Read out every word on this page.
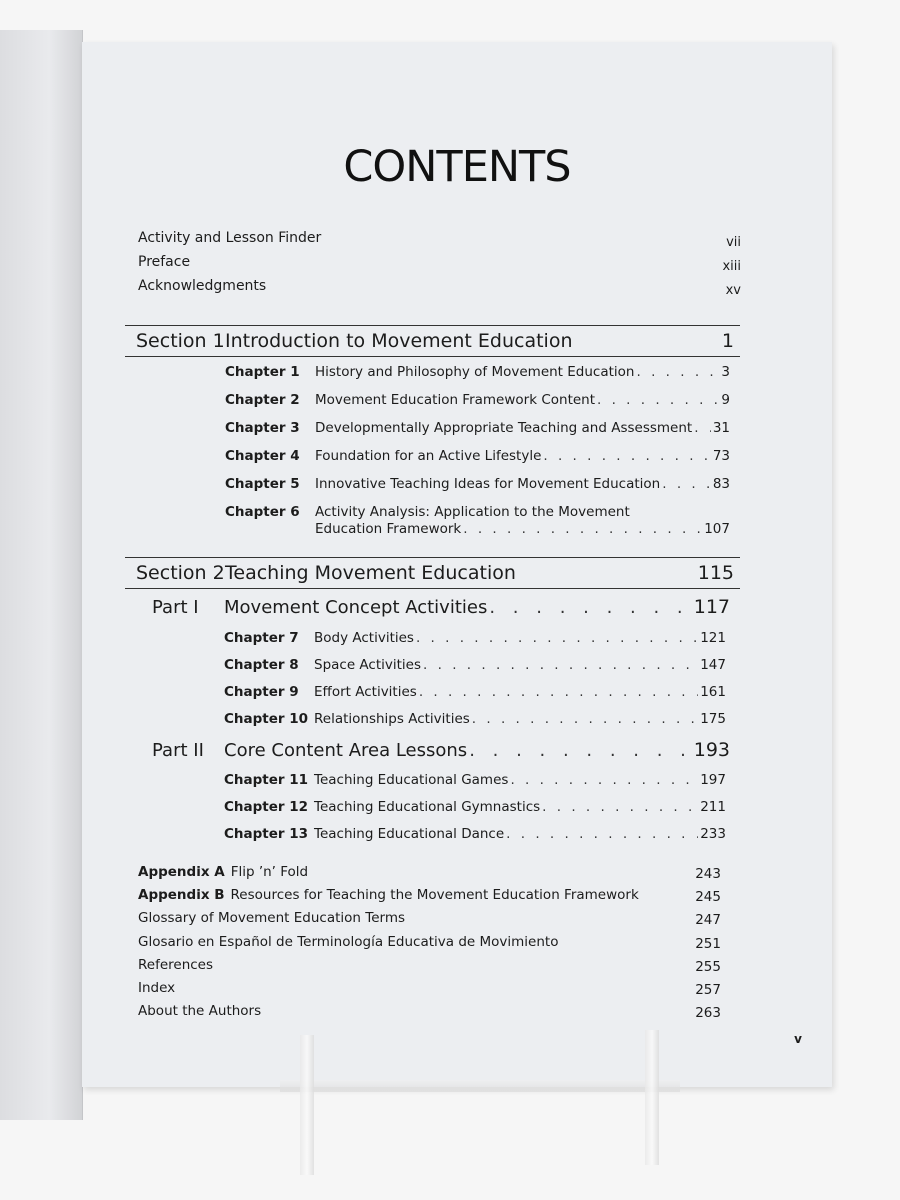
CONTENTS
Activity and Lesson Finder	vii
Preface	xiii
Acknowledgments	xv
Section 1 Introduction to Movement Education	1
Chapter 1	History and Philosophy of Movement Education . . .	3
Chapter 2	Movement Education Framework Content . . .	9
Chapter 3	Developmentally Appropriate Teaching and Assessment . . . 31
Chapter 4	Foundation for an Active Lifestyle . . .	73
Chapter 5	Innovative Teaching Ideas for Movement Education . . .	83
Chapter 6 Activity Analysis: Application to the Movement
Education Framework . . .	107
Section 2 Teaching Movement Education	115
Part I	Movement Concept Activities . . .	117
Chapter 7	Body Activities . . .	121
Chapter 8	Space Activities . . .	147
Chapter 9	Effort Activities . . .	161
Chapter 10 Relationships Activities . . .	175
Part II	Core Content Area Lessons . . .	193
Chapter 11 Teaching Educational Games . . .	197
Chapter 12 Teaching Educational Gymnastics . . .	211
Chapter 13 Teaching Educational Dance . . .	233
Appendix A Flip ’n’ Fold	243
Appendix B Resources for Teaching the Movement Education Framework	245
Glossary of Movement Education Terms	247
Glosario en Español de Terminología Educativa de Movimiento	251
References	255
Index	257
About the Authors	263
v
